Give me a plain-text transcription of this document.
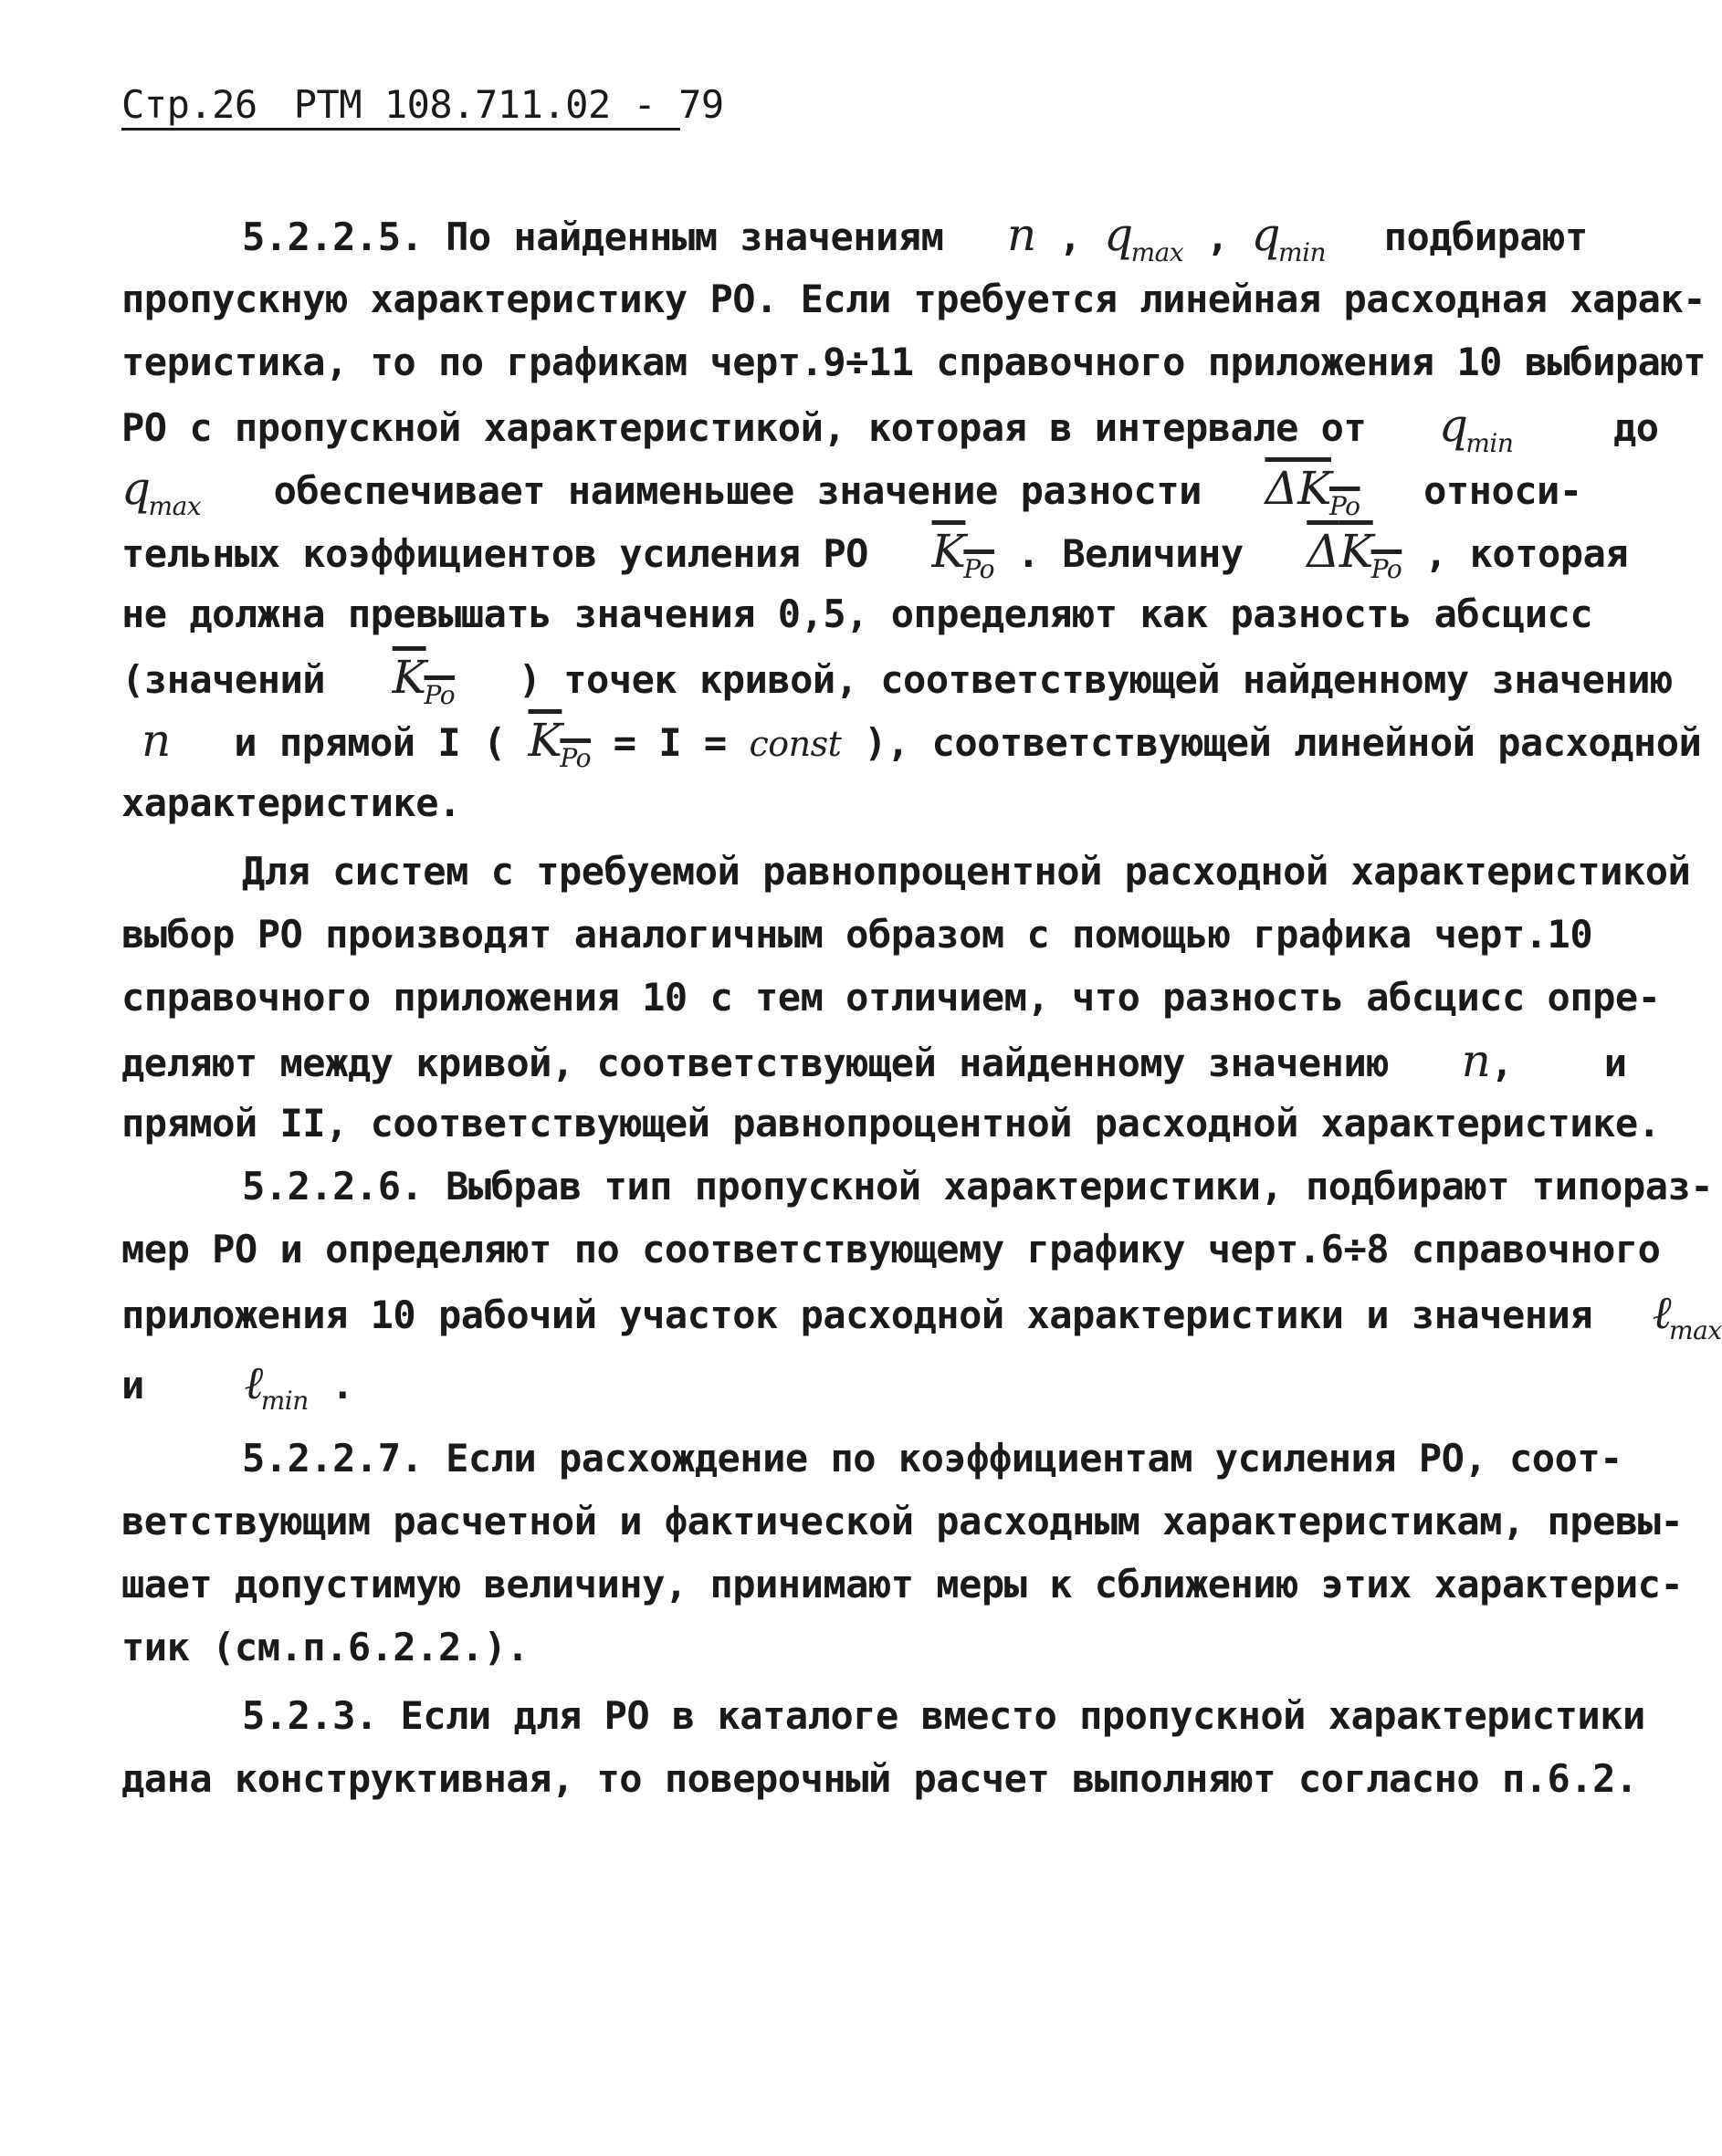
Стр.26 РТМ 108.711.02 - 79
5.2.2.5. По найденным значениям n , $q_{max}$ , $q_{min}$ подбирают
пропускную характеристику РО. Если требуется линейная расходная харак-
теристика, то по графикам черт.9÷11 справочного приложения 10 выбирают
РО с пропускной характеристикой, которая в интервале от $q_{min}$	до
$q_{max}$ обеспечивает наименьшее значение разности $\Delta K_{Po}$ относи-
тельных коэффициентов усиления РО $K_{Po}$ . Величину $\Delta K_{Po}$ , которая
не должна превышать значения 0,5, определяют как разность абсцисс
(значений $K_{Po}$ ) точек кривой, соответствующей найденному значению
n и прямой I ( $K_{Po} = I$ = const ), соответствующей линейной расходной
характеристике.
Для систем с требуемой равнопроцентной расходной характеристикой
выбор РО производят аналогичным образом с помощью графика черт.10
справочного приложения 10 с тем отличием, что разность абсцисс опре-
деляют между кривой, соответствующей найденному значению n, и
прямой II, соответствующей равнопроцентной расходной характеристике.
5.2.2.6. Выбрав тип пропускной характеристики, подбирают типораз-
мер РО и определяют по соответствующему графику черт.6÷8 справочного
приложения 10 рабочий участок расходной характеристики и значения ℓ$_{max}$
и ℓ$_{min}$ .
5.2.2.7. Если расхождение по коэффициентам усиления РО, соот-
ветствующим расчетной и фактической расходным характеристикам, превы-
шает допустимую величину, принимают меры к сближению этих характерис-
тик (см.п.6.2.2.).
5.2.3. Если для РО в каталоге вместо пропускной характеристики
дана конструктивная, то поверочный расчет выполняют согласно п.6.2.
